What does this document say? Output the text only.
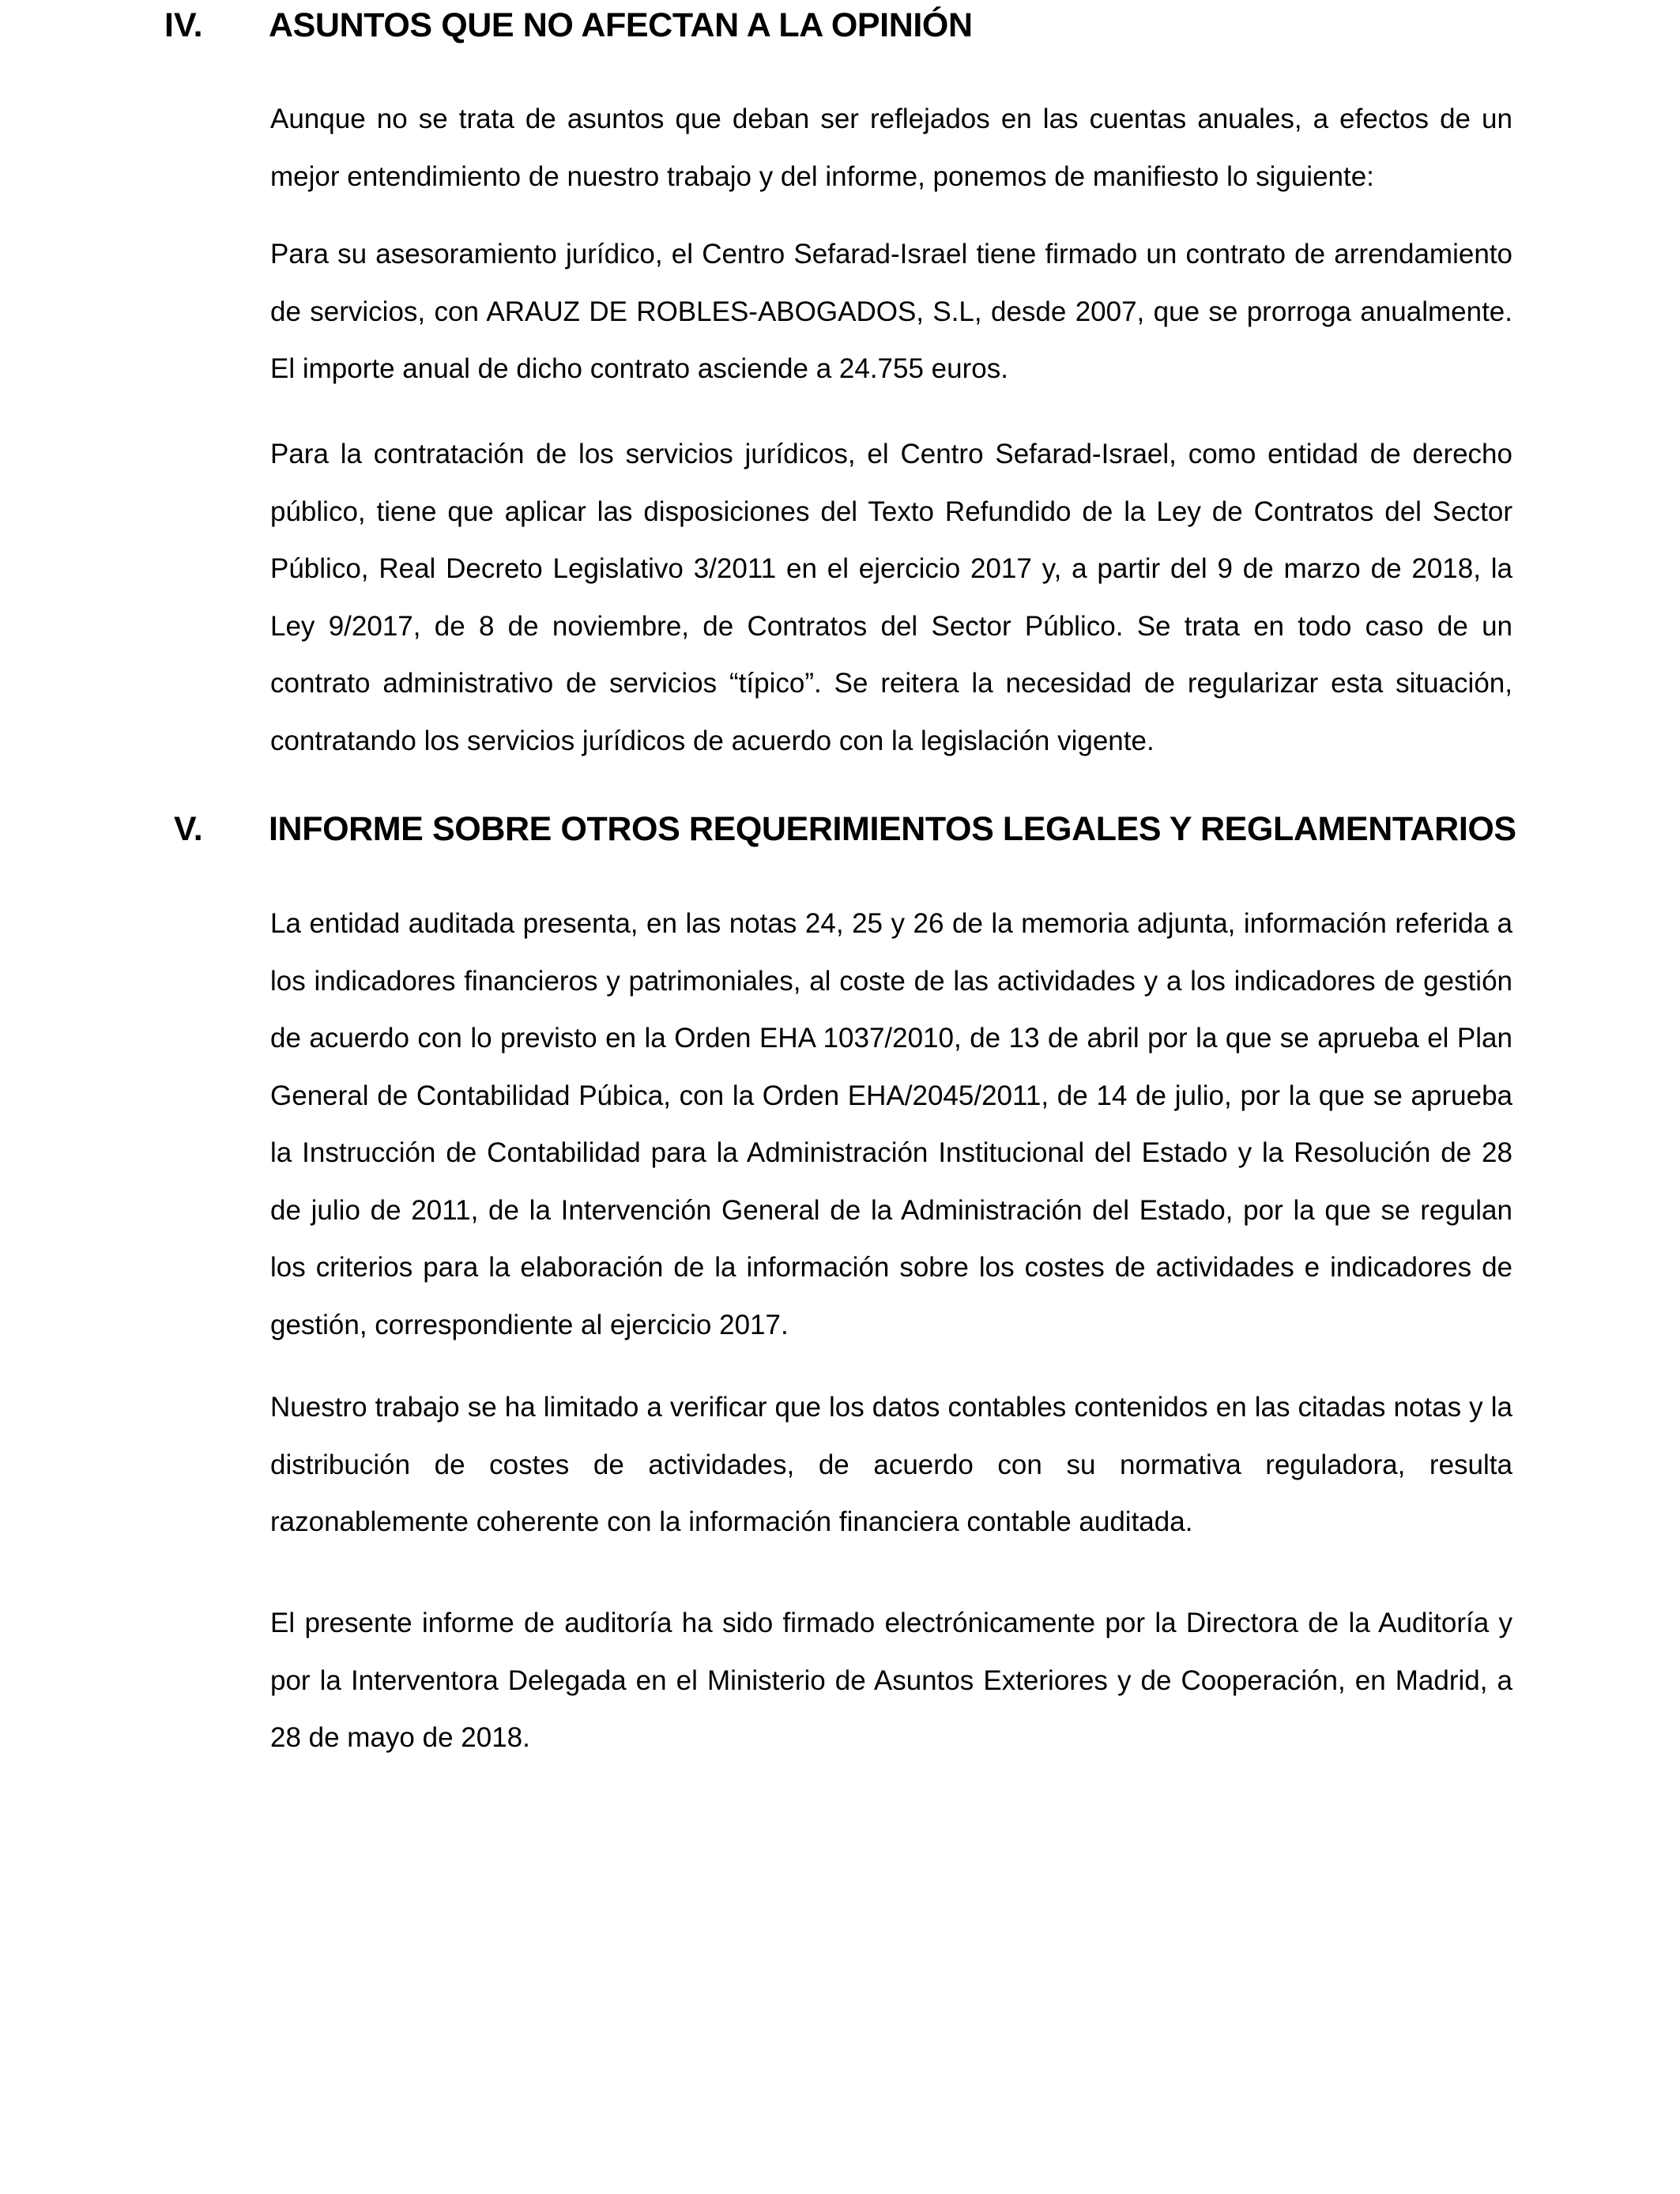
IV. ASUNTOS QUE NO AFECTAN A LA OPINIÓN

Aunque no se trata de asuntos que deban ser reflejados en las cuentas anuales, a efectos de un mejor entendimiento de nuestro trabajo y del informe, ponemos de manifiesto lo siguiente:

Para su asesoramiento jurídico, el Centro Sefarad-Israel tiene firmado un contrato de arrendamiento de servicios, con ARAUZ DE ROBLES-ABOGADOS, S.L, desde 2007, que se prorroga anualmente. El importe anual de dicho contrato asciende a 24.755 euros.

Para la contratación de los servicios jurídicos, el Centro Sefarad-Israel, como entidad de derecho público, tiene que aplicar las disposiciones del Texto Refundido de la Ley de Contratos del Sector Público, Real Decreto Legislativo 3/2011 en el ejercicio 2017 y, a partir del 9 de marzo de 2018, la Ley 9/2017, de 8 de noviembre, de Contratos del Sector Público. Se trata en todo caso de un contrato administrativo de servicios “típico”. Se reitera la necesidad de regularizar esta situación, contratando los servicios jurídicos de acuerdo con la legislación vigente.

V. INFORME SOBRE OTROS REQUERIMIENTOS LEGALES Y REGLAMENTARIOS

La entidad auditada presenta, en las notas 24, 25 y 26 de la memoria adjunta, información referida a los indicadores financieros y patrimoniales, al coste de las actividades y a los indicadores de gestión de acuerdo con lo previsto en la Orden EHA 1037/2010, de 13 de abril por la que se aprueba el Plan General de Contabilidad Púbica, con la Orden EHA/2045/2011, de 14 de julio, por la que se aprueba la Instrucción de Contabilidad para la Administración Institucional del Estado y la Resolución de 28 de julio de 2011, de la Intervención General de la Administración del Estado, por la que se regulan los criterios para la elaboración de la información sobre los costes de actividades e indicadores de gestión, correspondiente al ejercicio 2017.

Nuestro trabajo se ha limitado a verificar que los datos contables contenidos en las citadas notas y la distribución de costes de actividades, de acuerdo con su normativa reguladora, resulta razonablemente coherente con la información financiera contable auditada.

El presente informe de auditoría ha sido firmado electrónicamente por la Directora de la Auditoría y por la Interventora Delegada en el Ministerio de Asuntos Exteriores y de Cooperación, en Madrid, a 28 de mayo de 2018.
